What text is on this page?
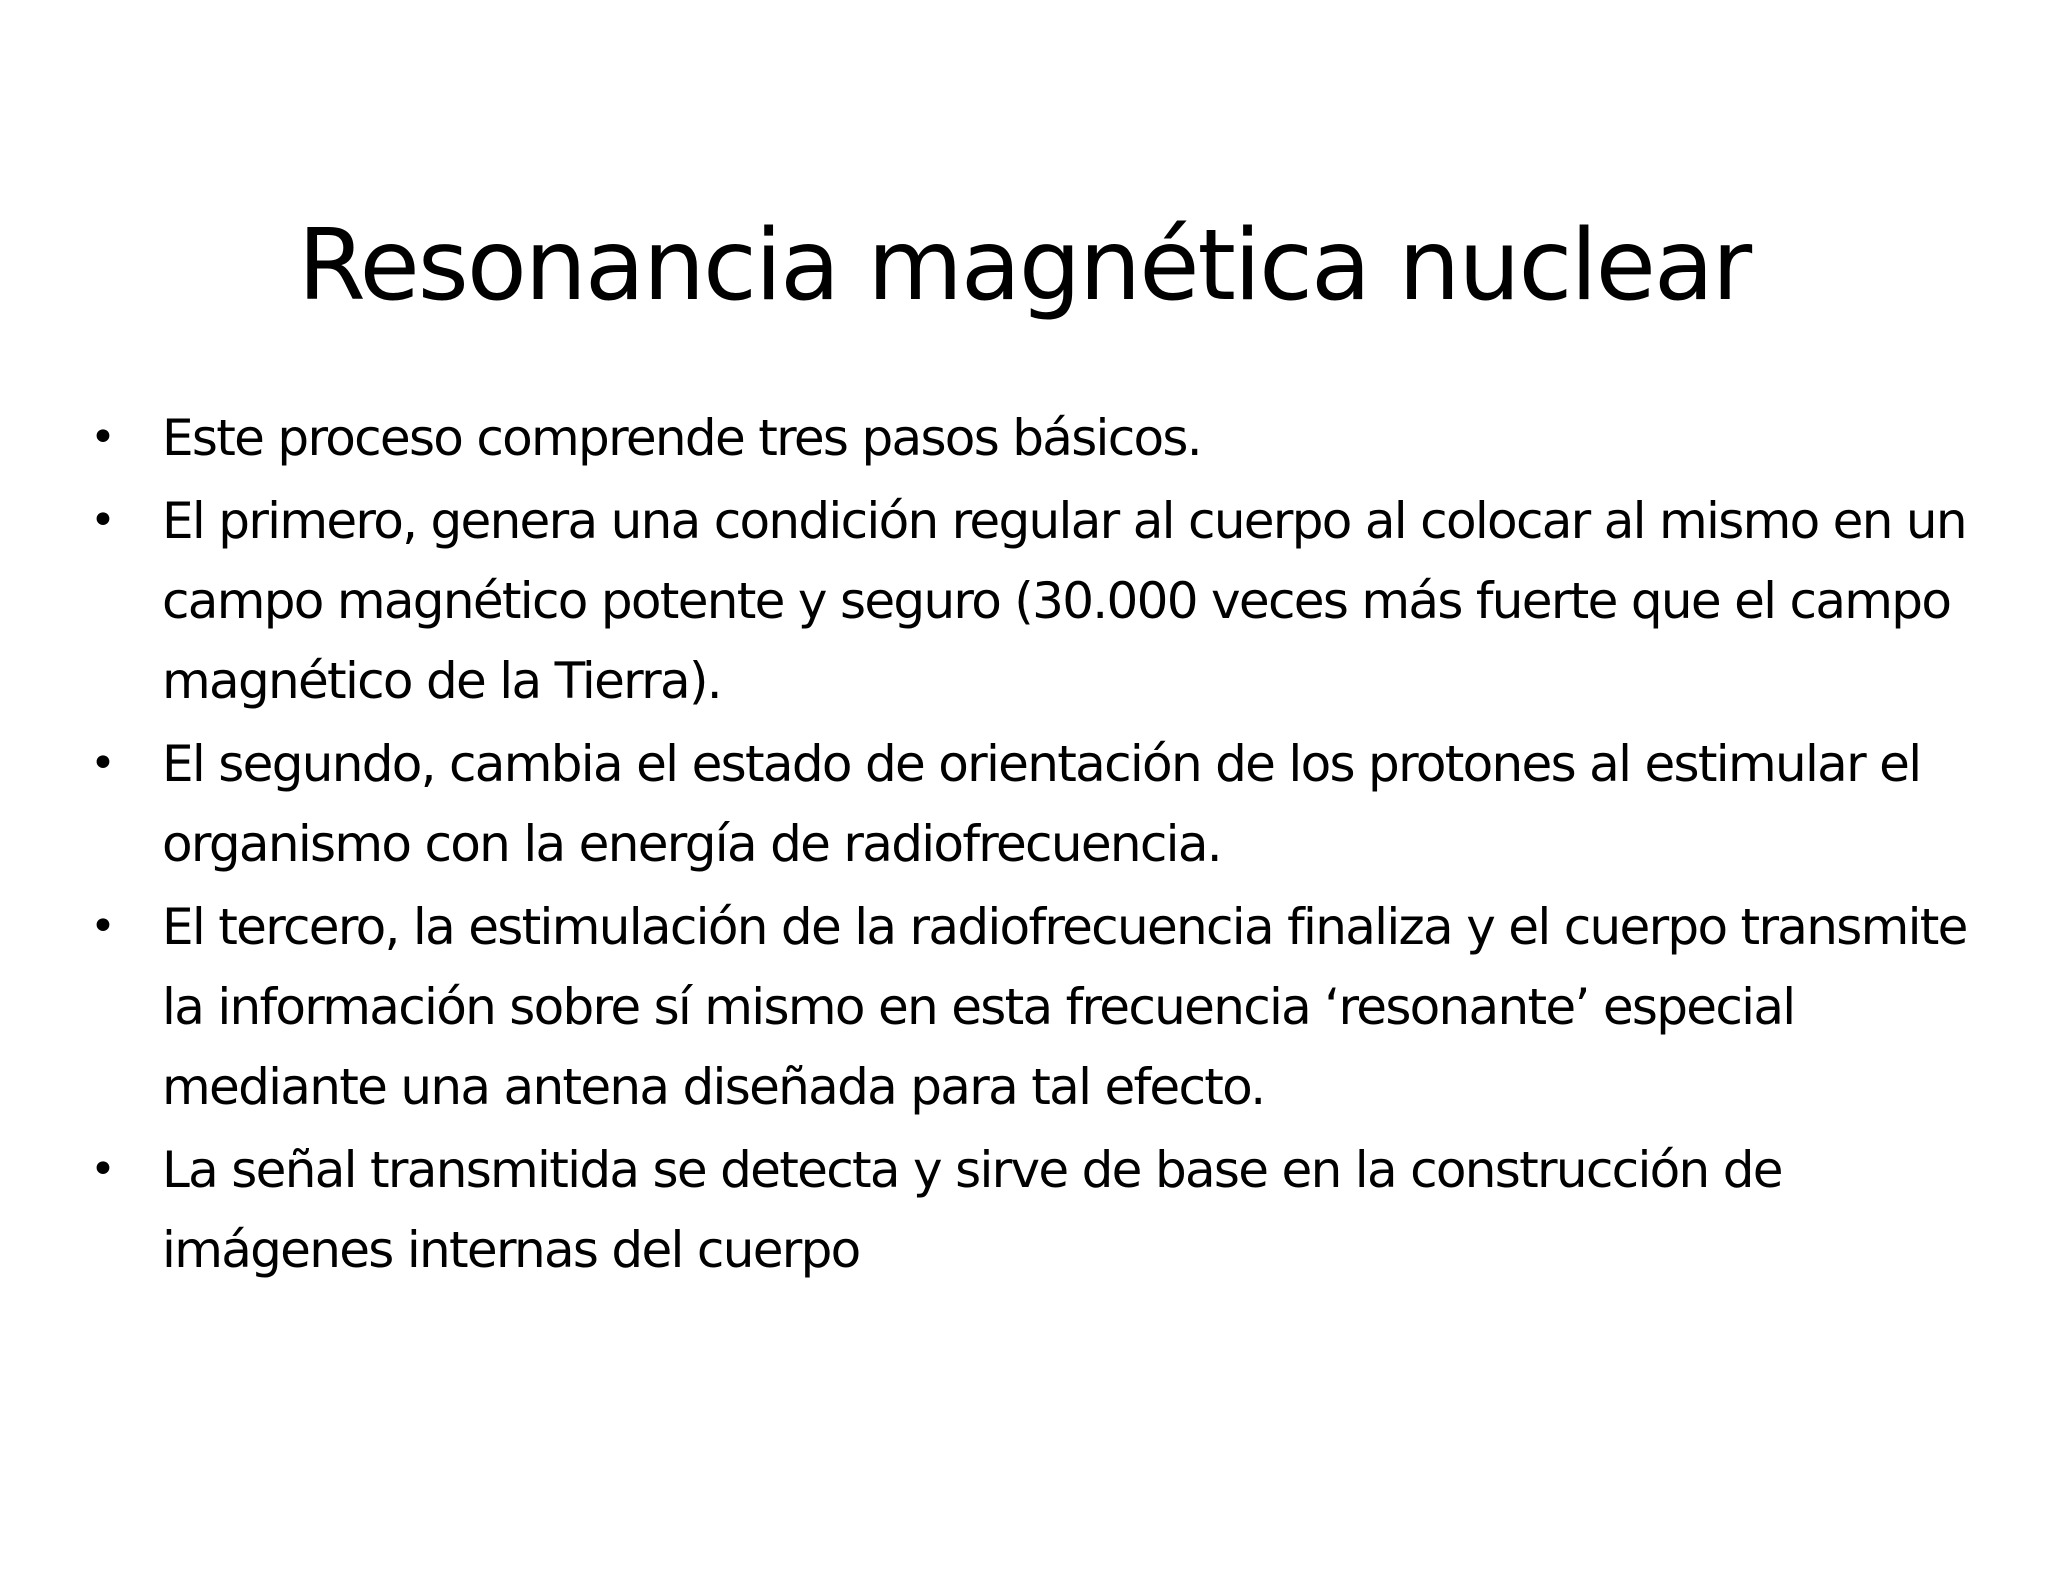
Resonancia magnética nuclear
• Este proceso comprende tres pasos básicos.
• El primero, genera una condición regular al cuerpo al colocar al mismo en un campo magnético potente y seguro (30.000 veces más fuerte que el campo magnético de la Tierra).
• El segundo, cambia el estado de orientación de los protones al estimular el organismo con la energía de radiofrecuencia.
• El tercero, la estimulación de la radiofrecuencia finaliza y el cuerpo transmite la información sobre sí mismo en esta frecuencia ‘resonante’ especial mediante una antena diseñada para tal efecto.
• La señal transmitida se detecta y sirve de base en la construcción de imágenes internas del cuerpo
